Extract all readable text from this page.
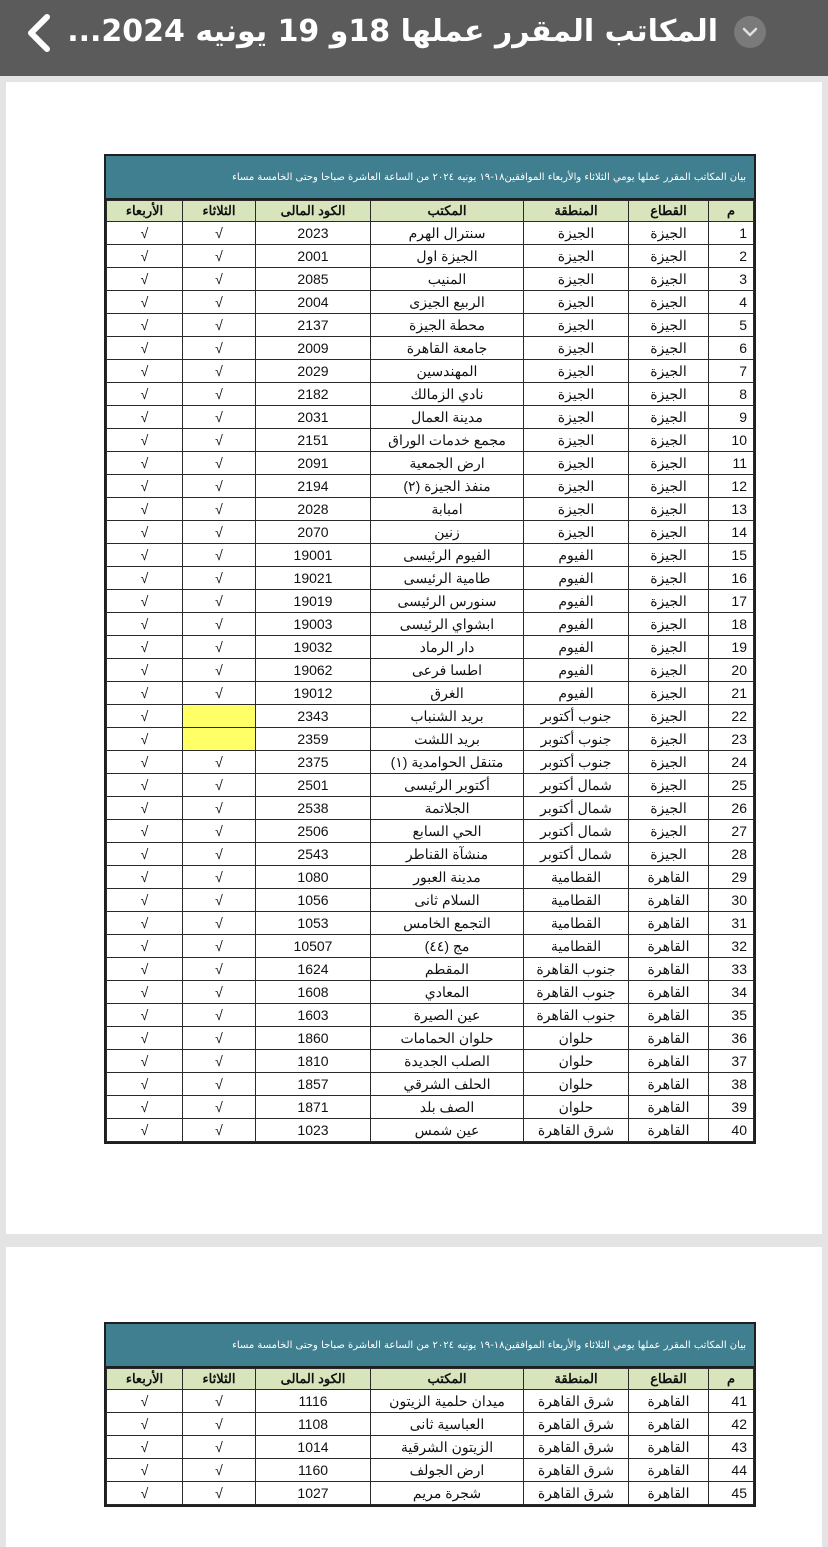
المكاتب المقرر عملها 18و 19 يونيه 2024...
بيان المكاتب المقرر عملها يومي الثلاثاء والأربعاء الموافقين١٨-١٩ يونيه ٢٠٢٤ من الساعة العاشرة صباحا وحتى الخامسة مساء
م	القطاع	المنطقة	المكتب	الكود المالى	الثلاثاء	الأربعاء
1	الجيزة	الجيزة	سنترال الهرم	2023	√	√
2	الجيزة	الجيزة	الجيزة اول	2001	√	√
3	الجيزة	الجيزة	المنيب	2085	√	√
4	الجيزة	الجيزة	الربيع الجيزى	2004	√	√
5	الجيزة	الجيزة	محطة الجيزة	2137	√	√
6	الجيزة	الجيزة	جامعة القاهرة	2009	√	√
7	الجيزة	الجيزة	المهندسين	2029	√	√
8	الجيزة	الجيزة	نادي الزمالك	2182	√	√
9	الجيزة	الجيزة	مدينة العمال	2031	√	√
10	الجيزة	الجيزة	مجمع خدمات الوراق	2151	√	√
11	الجيزة	الجيزة	ارض الجمعية	2091	√	√
12	الجيزة	الجيزة	منفذ الجيزة (٢)	2194	√	√
13	الجيزة	الجيزة	امبابة	2028	√	√
14	الجيزة	الجيزة	زنين	2070	√	√
15	الجيزة	الفيوم	الفيوم الرئيسى	19001	√	√
16	الجيزة	الفيوم	طامية الرئيسى	19021	√	√
17	الجيزة	الفيوم	سنورس الرئيسى	19019	√	√
18	الجيزة	الفيوم	ابشواي الرئيسى	19003	√	√
19	الجيزة	الفيوم	دار الرماد	19032	√	√
20	الجيزة	الفيوم	اطسا فرعى	19062	√	√
21	الجيزة	الفيوم	الغرق	19012	√	√
22	الجيزة	جنوب أكتوبر	بريد الشنباب	2343		√
23	الجيزة	جنوب أكتوبر	بريد اللشت	2359		√
24	الجيزة	جنوب أكتوبر	متنقل الحوامدية (١)	2375	√	√
25	الجيزة	شمال أكتوبر	أكتوبر الرئيسى	2501	√	√
26	الجيزة	شمال أكتوبر	الجلاتمة	2538	√	√
27	الجيزة	شمال أكتوبر	الحي السابع	2506	√	√
28	الجيزة	شمال أكتوبر	منشآة القناطر	2543	√	√
29	القاهرة	القطامية	مدينة العبور	1080	√	√
30	القاهرة	القطامية	السلام ثانى	1056	√	√
31	القاهرة	القطامية	التجمع الخامس	1053	√	√
32	القاهرة	القطامية	مج (٤٤)	10507	√	√
33	القاهرة	جنوب القاهرة	المقطم	1624	√	√
34	القاهرة	جنوب القاهرة	المعادي	1608	√	√
35	القاهرة	جنوب القاهرة	عين الصيرة	1603	√	√
36	القاهرة	حلوان	حلوان الحمامات	1860	√	√
37	القاهرة	حلوان	الصلب الجديدة	1810	√	√
38	القاهرة	حلوان	الحلف الشرقي	1857	√	√
39	القاهرة	حلوان	الصف بلد	1871	√	√
40	القاهرة	شرق القاهرة	عين شمس	1023	√	√
بيان المكاتب المقرر عملها يومي الثلاثاء والأربعاء الموافقين١٨-١٩ يونيه ٢٠٢٤ من الساعة العاشرة صباحا وحتى الخامسة مساء
م	القطاع	المنطقة	المكتب	الكود المالى	الثلاثاء	الأربعاء
41	القاهرة	شرق القاهرة	ميدان حلمية الزيتون	1116	√	√
42	القاهرة	شرق القاهرة	العباسية ثانى	1108	√	√
43	القاهرة	شرق القاهرة	الزيتون الشرقية	1014	√	√
44	القاهرة	شرق القاهرة	ارض الجولف	1160	√	√
45	القاهرة	شرق القاهرة	شجرة مريم	1027	√	√
